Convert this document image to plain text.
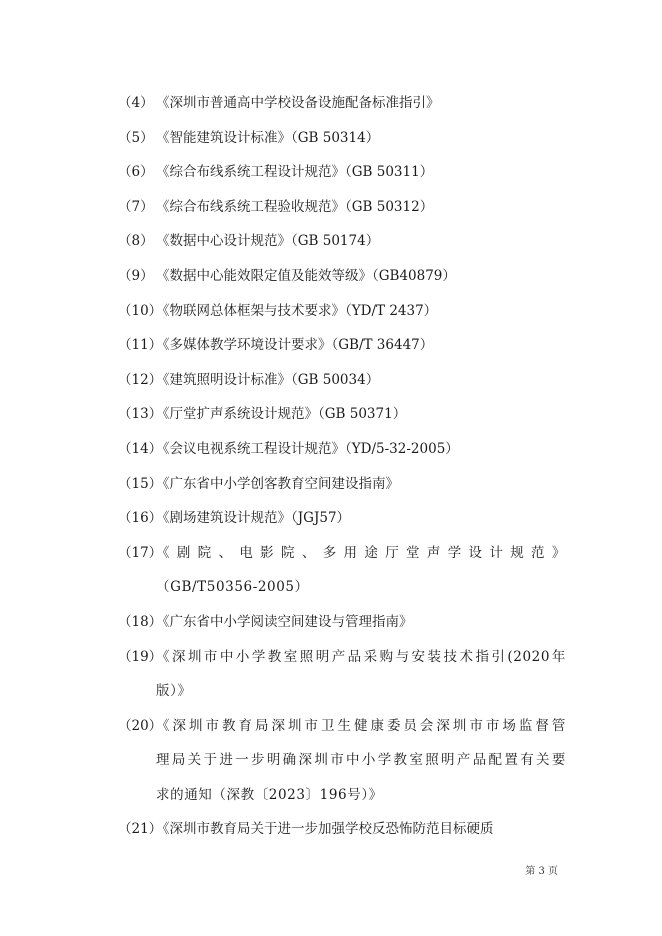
（4） 《深圳市普通高中学校设备设施配备标准指引》
（5） 《智能建筑设计标准》（GB 50314）
（6） 《综合布线系统工程设计规范》（GB 50311）
（7） 《综合布线系统工程验收规范》（GB 50312）
（8） 《数据中心设计规范》（GB 50174）
（9） 《数据中心能效限定值及能效等级》（GB40879）
（10）
《物联网总体框架与技术要求》（YD/T 2437）
（11）
《多媒体教学环境设计要求》（GB/T 36447）
（12）
《建筑照明设计标准》（GB 50034）
（13）
《厅堂扩声系统设计规范》（GB 50371）
（14）
《会议电视系统工程设计规范》（YD/5-32-2005）
（15）
《广东省中小学创客教育空间建设指南》
（16）
《剧场建筑设计规范》（JGJ57）
（17）
《剧院、电影院、多用途厅堂声学设计规范》
（GB/T50356-2005）
（18）
《广东省中小学阅读空间建设与管理指南》
（19）
《深圳市中小学教室照明产品采购与安装技术指引(2020年
版）》
（20）
《深圳市教育局深圳市卫生健康委员会深圳市市场监督管
理局关于进一步明确深圳市中小学教室照明产品配置有关要
求的通知（深教〔2023〕196号）》
（21）
《深圳市教育局关于进一步加强学校反恐怖防范目标硬质
第 3 页
